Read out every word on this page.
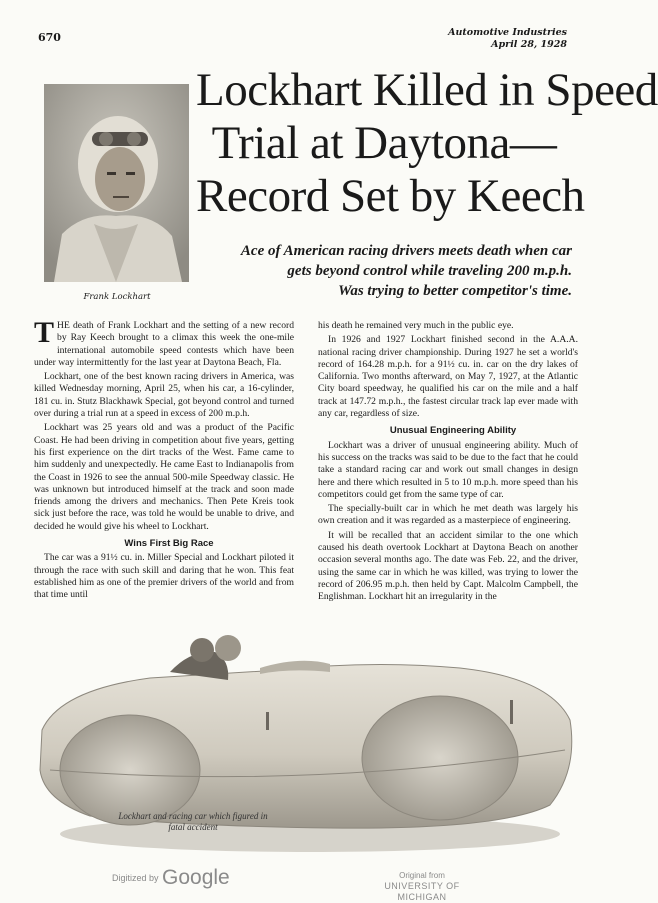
670	Automotive Industries
April 28, 1928
Frank Lockhart
Lockhart Killed in Speed
Trial at Daytona—
Record Set by Keech
Ace of American racing drivers meets death when car
gets beyond control while traveling 200 m.p.h.
Was trying to better competitor's time.

THE death of Frank Lockhart and the setting of a new record by Ray Keech brought to a climax this week the one-mile international automobile speed contests which have been under way intermittently for the last year at Daytona Beach, Fla.

Lockhart, one of the best known racing drivers in America, was killed Wednesday morning, April 25, when his car, a 16-cylinder, 181 cu. in. Stutz Blackhawk Special, got beyond control and turned over during a trial run at a speed in excess of 200 m.p.h.

Lockhart was 25 years old and was a product of the Pacific Coast. He had been driving in competition about five years, getting his first experience on the dirt tracks of the West. Fame came to him suddenly and unexpectedly. He came East to Indianapolis from the Coast in 1926 to see the annual 500-mile Speedway classic. He was unknown but introduced himself at the track and soon made friends among the drivers and mechanics. Then Pete Kreis took sick just before the race, was told he would be unable to drive, and decided he would give his wheel to Lockhart.

Wins First Big Race

The car was a 91½ cu. in. Miller Special and Lockhart piloted it through the race with such skill and daring that he won. This feat established him as one of the premier drivers of the world and from that time until

his death he remained very much in the public eye.

In 1926 and 1927 Lockhart finished second in the A.A.A. national racing driver championship. During 1927 he set a world's record of 164.28 m.p.h. for a 91½ cu. in. car on the dry lakes of California. Two months afterward, on May 7, 1927, at the Atlantic City board speedway, he qualified his car on the mile and a half track at 147.72 m.p.h., the fastest circular track lap ever made with any car, regardless of size.

Unusual Engineering Ability

Lockhart was a driver of unusual engineering ability. Much of his success on the tracks was said to be due to the fact that he could take a standard racing car and work out small changes in design here and there which resulted in 5 to 10 m.p.h. more speed than his competitors could get from the same type of car.

The specially-built car in which he met death was largely his own creation and it was regarded as a masterpiece of engineering.

It will be recalled that an accident similar to the one which caused his death overtook Lockhart at Daytona Beach on another occasion several months ago. The date was Feb. 22, and the driver, using the same car in which he was killed, was trying to lower the record of 206.95 m.p.h. then held by Capt. Malcolm Campbell, the Englishman. Lockhart hit an irregularity in the

Lockhart and racing car which figured in
fatal accident
Digitized by Google	Original from
UNIVERSITY OF MICHIGAN
